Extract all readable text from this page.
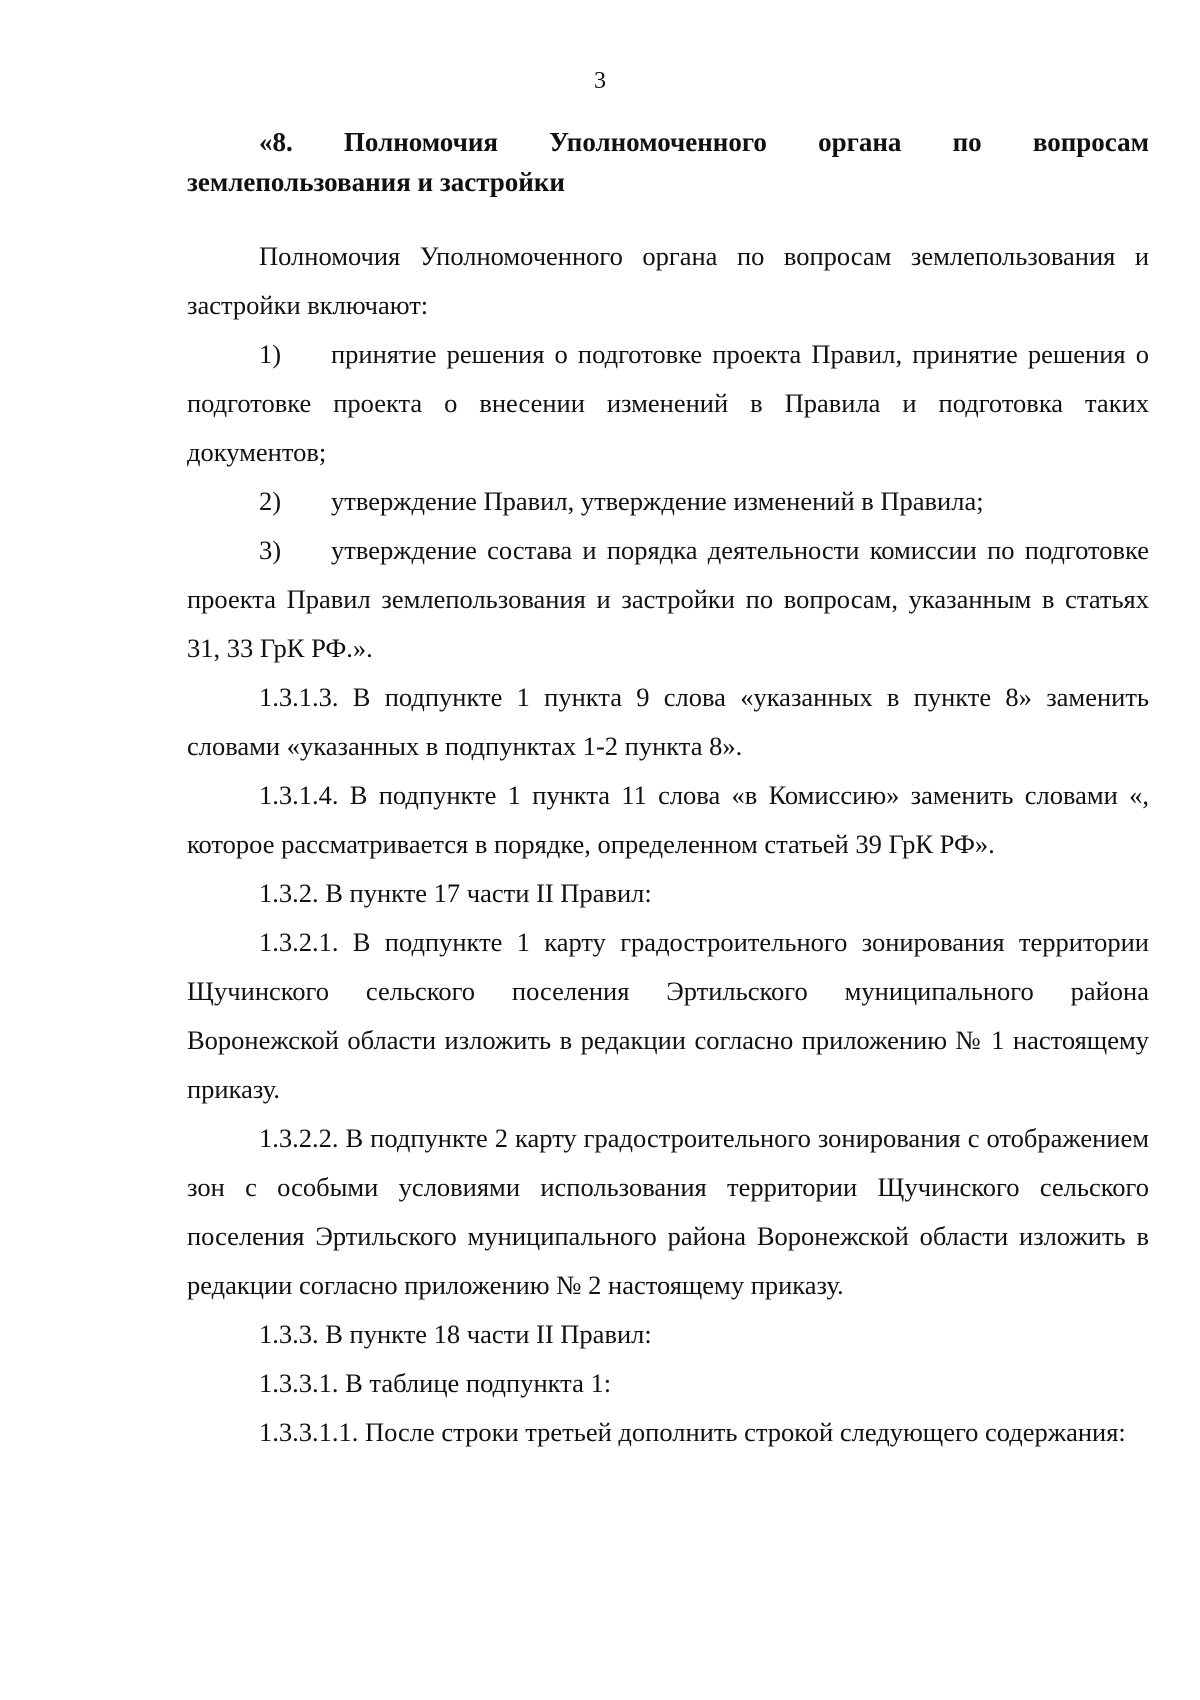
3

«8. Полномочия Уполномоченного органа по вопросам землепользования и застройки

Полномочия Уполномоченного органа по вопросам землепользования и застройки включают:

1) принятие решения о подготовке проекта Правил, принятие решения о подготовке проекта о внесении изменений в Правила и подготовка таких документов;

2) утверждение Правил, утверждение изменений в Правила;

3) утверждение состава и порядка деятельности комиссии по подготовке проекта Правил землепользования и застройки по вопросам, указанным в статьях 31, 33 ГрК РФ.».

1.3.1.3. В подпункте 1 пункта 9 слова «указанных в пункте 8» заменить словами «указанных в подпунктах 1-2 пункта 8».

1.3.1.4. В подпункте 1 пункта 11 слова «в Комиссию» заменить словами «, которое рассматривается в порядке, определенном статьей 39 ГрК РФ».

1.3.2. В пункте 17 части II Правил:

1.3.2.1. В подпункте 1 карту градостроительного зонирования территории Щучинского сельского поселения Эртильского муниципального района Воронежской области изложить в редакции согласно приложению № 1 настоящему приказу.

1.3.2.2. В подпункте 2 карту градостроительного зонирования с отображением зон с особыми условиями использования территории Щучинского сельского поселения Эртильского муниципального района Воронежской области изложить в редакции согласно приложению № 2 настоящему приказу.

1.3.3. В пункте 18 части II Правил:

1.3.3.1. В таблице подпункта 1:

1.3.3.1.1. После строки третьей дополнить строкой следующего содержания:
